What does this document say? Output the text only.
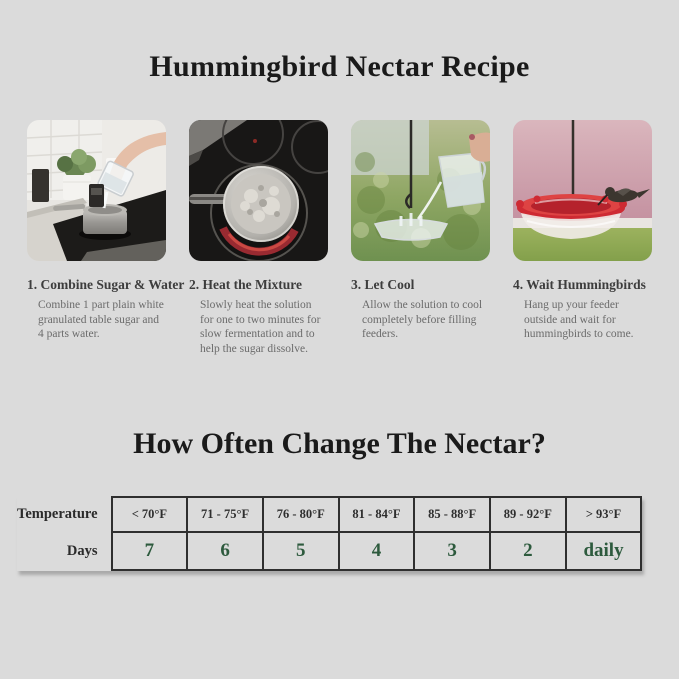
Hummingbird Nectar Recipe
1. Combine Sugar & Water
Combine 1 part plain white granulated table sugar and 4 parts water.
2. Heat the Mixture
Slowly heat the solution for one to two minutes for slow fermentation and to help the sugar dissolve.
3. Let Cool
Allow the solution to cool completely before filling feeders.
4. Wait Hummingbirds
Hang up your feeder outside and wait for hummingbirds to come.
How Often Change The Nectar?
Temperature	< 70°F	71 - 75°F	76 - 80°F	81 - 84°F	85 - 88°F	89 - 92°F	> 93°F
Days	7	6	5	4	3	2	daily
